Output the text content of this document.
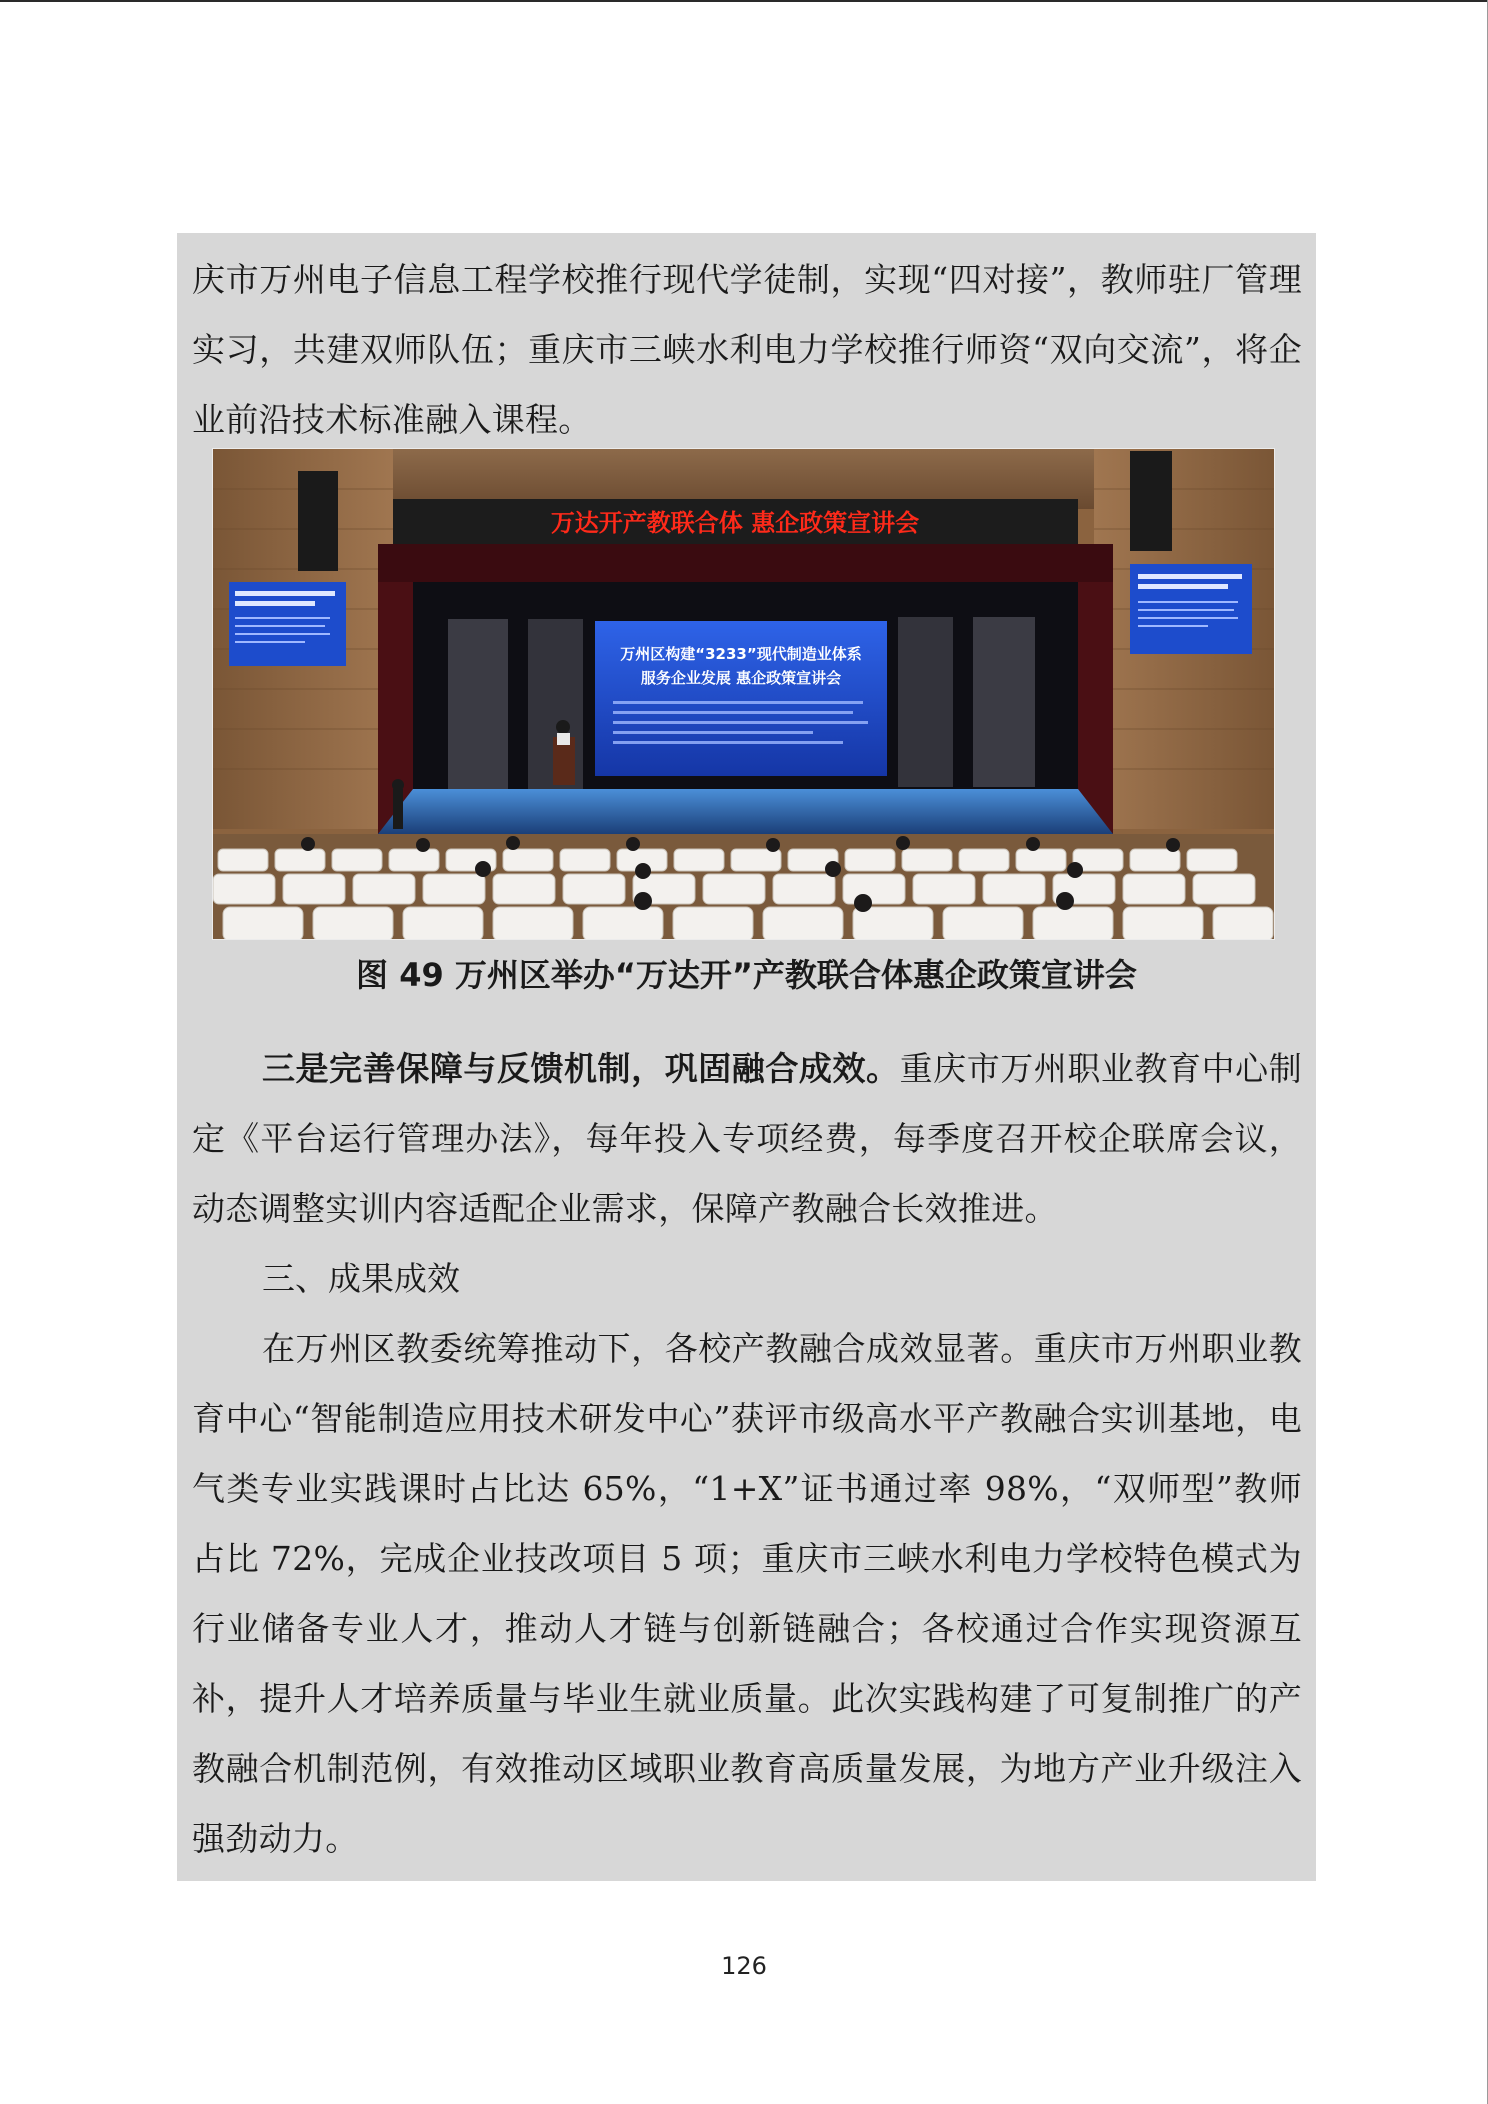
庆市万州电子信息工程学校推行现代学徒制，实现“四对接”，教师驻厂管理实习，共建双师队伍；重庆市三峡水利电力学校推行师资“双向交流”，将企业前沿技术标准融入课程。

万达开产教联合体 惠企政策宣讲会
万州区构建“3233”现代制造业体系
服务企业发展 惠企政策宣讲会

图 49 万州区举办“万达开”产教联合体惠企政策宣讲会

三是完善保障与反馈机制，巩固融合成效。重庆市万州职业教育中心制定《平台运行管理办法》，每年投入专项经费，每季度召开校企联席会议，动态调整实训内容适配企业需求，保障产教融合长效推进。

三、成果成效

在万州区教委统筹推动下，各校产教融合成效显著。重庆市万州职业教育中心“智能制造应用技术研发中心”获评市级高水平产教融合实训基地，电气类专业实践课时占比达 65%，“1+X”证书通过率 98%，“双师型”教师占比 72%，完成企业技改项目 5 项；重庆市三峡水利电力学校特色模式为行业储备专业人才，推动人才链与创新链融合；各校通过合作实现资源互补，提升人才培养质量与毕业生就业质量。此次实践构建了可复制推广的产教融合机制范例，有效推动区域职业教育高质量发展，为地方产业升级注入强劲动力。

126
